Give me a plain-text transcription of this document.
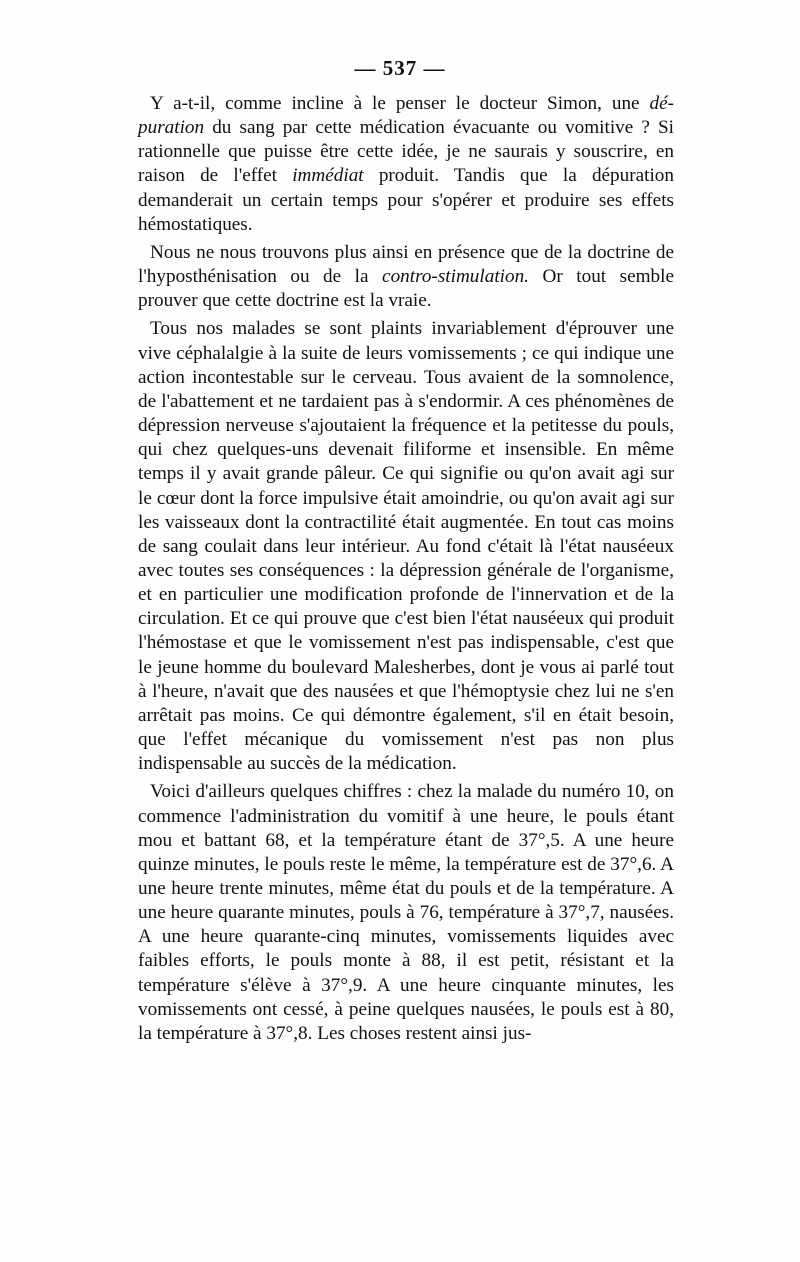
— 537 —

Y a-t-il, comme incline à le penser le docteur Simon, une dé-puration du sang par cette médication évacuante ou vomitive ? Si rationnelle que puisse être cette idée, je ne saurais y souscrire, en raison de l'effet immédiat produit. Tandis que la dépuration demanderait un certain temps pour s'opérer et produire ses effets hémostatiques.

Nous ne nous trouvons plus ainsi en présence que de la doctrine de l'hyposthénisation ou de la contro-stimulation. Or tout semble prouver que cette doctrine est la vraie.

Tous nos malades se sont plaints invariablement d'éprouver une vive céphalalgie à la suite de leurs vomissements ; ce qui indique une action incontestable sur le cerveau. Tous avaient de la somnolence, de l'abattement et ne tardaient pas à s'endormir. A ces phénomènes de dépression nerveuse s'ajoutaient la fréquence et la petitesse du pouls, qui chez quelques-uns devenait filiforme et insensible. En même temps il y avait grande pâleur. Ce qui signifie ou qu'on avait agi sur le cœur dont la force impulsive était amoindrie, ou qu'on avait agi sur les vaisseaux dont la contractilité était augmentée. En tout cas moins de sang coulait dans leur intérieur. Au fond c'était là l'état nauséeux avec toutes ses conséquences : la dépression générale de l'organisme, et en particulier une modification profonde de l'innervation et de la circulation. Et ce qui prouve que c'est bien l'état nauséeux qui produit l'hémostase et que le vomissement n'est pas indispensable, c'est que le jeune homme du boulevard Malesherbes, dont je vous ai parlé tout à l'heure, n'avait que des nausées et que l'hémoptysie chez lui ne s'en arrêtait pas moins. Ce qui démontre également, s'il en était besoin, que l'effet mécanique du vomissement n'est pas non plus indispensable au succès de la médication.

Voici d'ailleurs quelques chiffres : chez la malade du numéro 10, on commence l'administration du vomitif à une heure, le pouls étant mou et battant 68, et la température étant de 37°,5. A une heure quinze minutes, le pouls reste le même, la température est de 37°,6. A une heure trente minutes, même état du pouls et de la température. A une heure quarante minutes, pouls à 76, température à 37°,7, nausées. A une heure quarante-cinq minutes, vomissements liquides avec faibles efforts, le pouls monte à 88, il est petit, résistant et la température s'élève à 37°,9. A une heure cinquante minutes, les vomissements ont cessé, à peine quelques nausées, le pouls est à 80, la température à 37°,8. Les choses restent ainsi jus-
